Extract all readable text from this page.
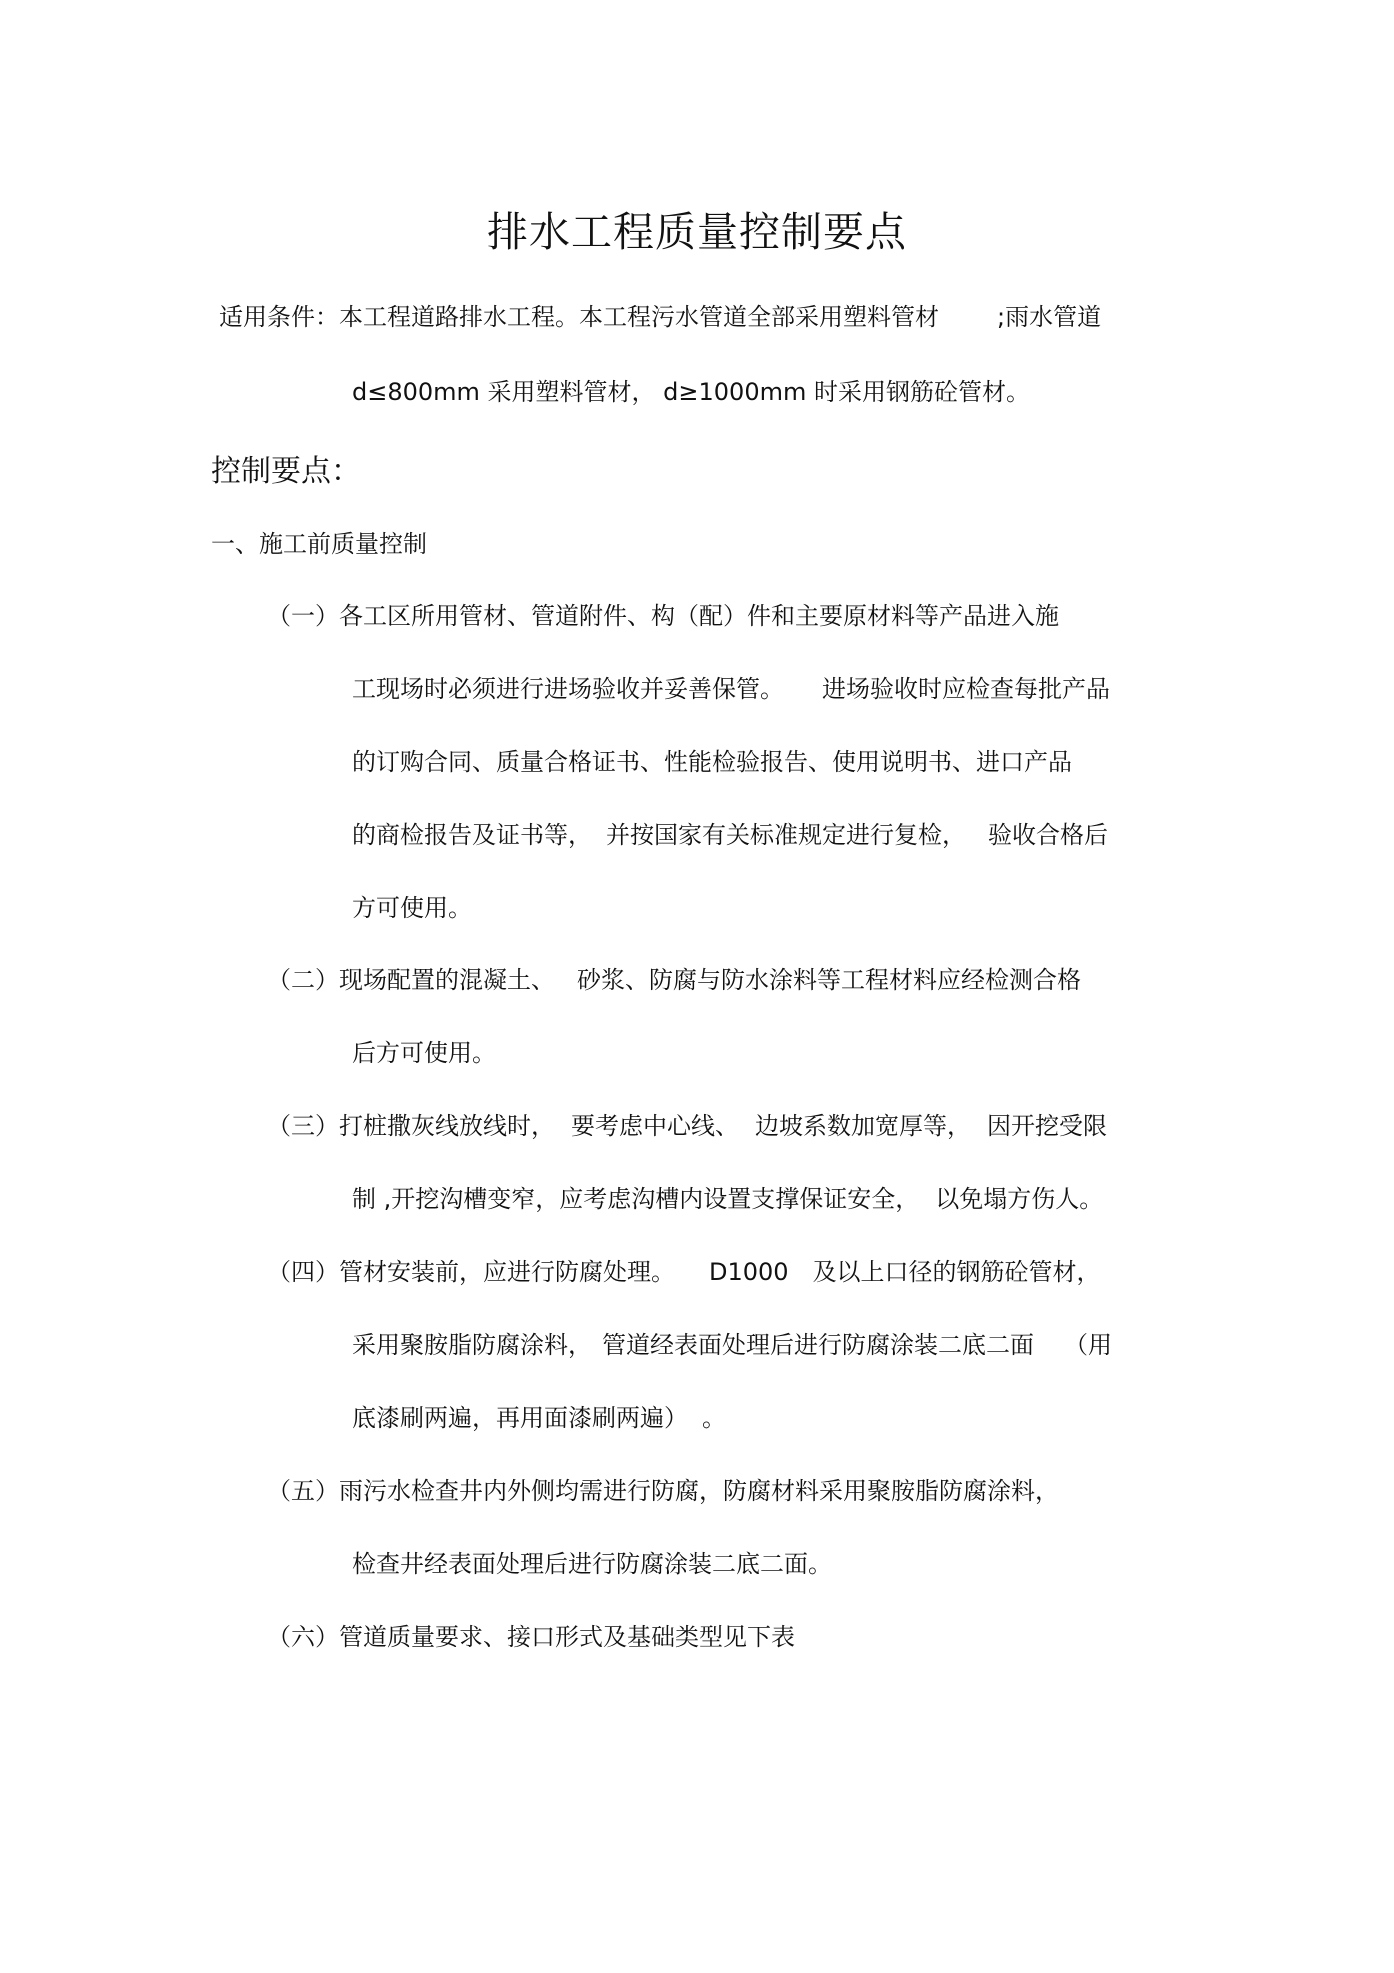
排水工程质量控制要点
适用条件：本工程道路排水工程。本工程污水管道全部采用塑料管材 ;雨水管道
d≤800mm 采用塑料管材， d≥1000mm 时采用钢筋砼管材。
控制要点：
一、施工前质量控制
（一）各工区所用管材、管道附件、构（配）件和主要原材料等产品进入施
工现场时必须进行进场验收并妥善保管。 进场验收时应检查每批产品
的订购合同、质量合格证书、性能检验报告、使用说明书、进口产品
的商检报告及证书等， 并按国家有关标准规定进行复检， 验收合格后
方可使用。
（二）现场配置的混凝土、 砂浆、防腐与防水涂料等工程材料应经检测合格
后方可使用。
（三）打桩撒灰线放线时， 要考虑中心线、 边坡系数加宽厚等， 因开挖受限
制 ,开挖沟槽变窄，应考虑沟槽内设置支撑保证安全， 以免塌方伤人。
（四）管材安装前，应进行防腐处理。 D1000 及以上口径的钢筋砼管材，
采用聚胺脂防腐涂料， 管道经表面处理后进行防腐涂装二底二面 （用
底漆刷两遍，再用面漆刷两遍） 。
（五）雨污水检查井内外侧均需进行防腐，防腐材料采用聚胺脂防腐涂料，
检查井经表面处理后进行防腐涂装二底二面。
（六）管道质量要求、接口形式及基础类型见下表
